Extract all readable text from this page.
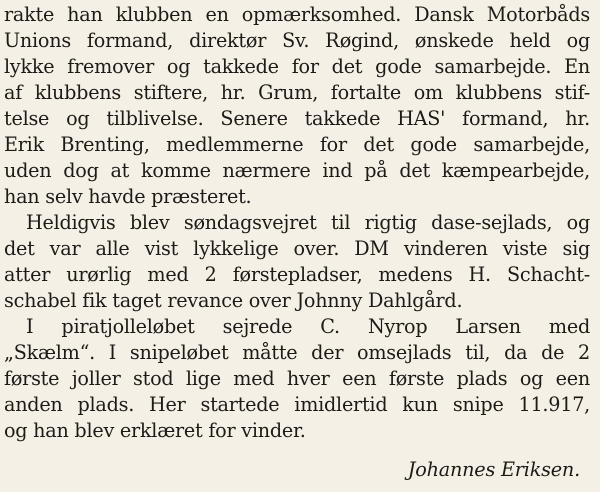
rakte han klubben en opmærksomhed. Dansk Motorbåds
Unions formand, direktør Sv. Røgind, ønskede held og
lykke fremover og takkede for det gode samarbejde. En
af klubbens stiftere, hr. Grum, fortalte om klubbens stif-
telse og tilblivelse. Senere takkede HAS' formand, hr.
Erik Brenting, medlemmerne for det gode samarbejde,
uden dog at komme nærmere ind på det kæmpearbejde,
han selv havde præsteret.
Heldigvis blev søndagsvejret til rigtig dase-sejlads, og
det var alle vist lykkelige over. DM vinderen viste sig
atter urørlig med 2 førstepladser, medens H. Schacht-
schabel fik taget revance over Johnny Dahlgård.
I piratjolleløbet sejrede C. Nyrop Larsen med
„Skælm“. I snipeløbet måtte der omsejlads til, da de 2
første joller stod lige med hver een første plads og een
anden plads. Her startede imidlertid kun snipe 11.917,
og han blev erklæret for vinder.
Johannes Eriksen.
